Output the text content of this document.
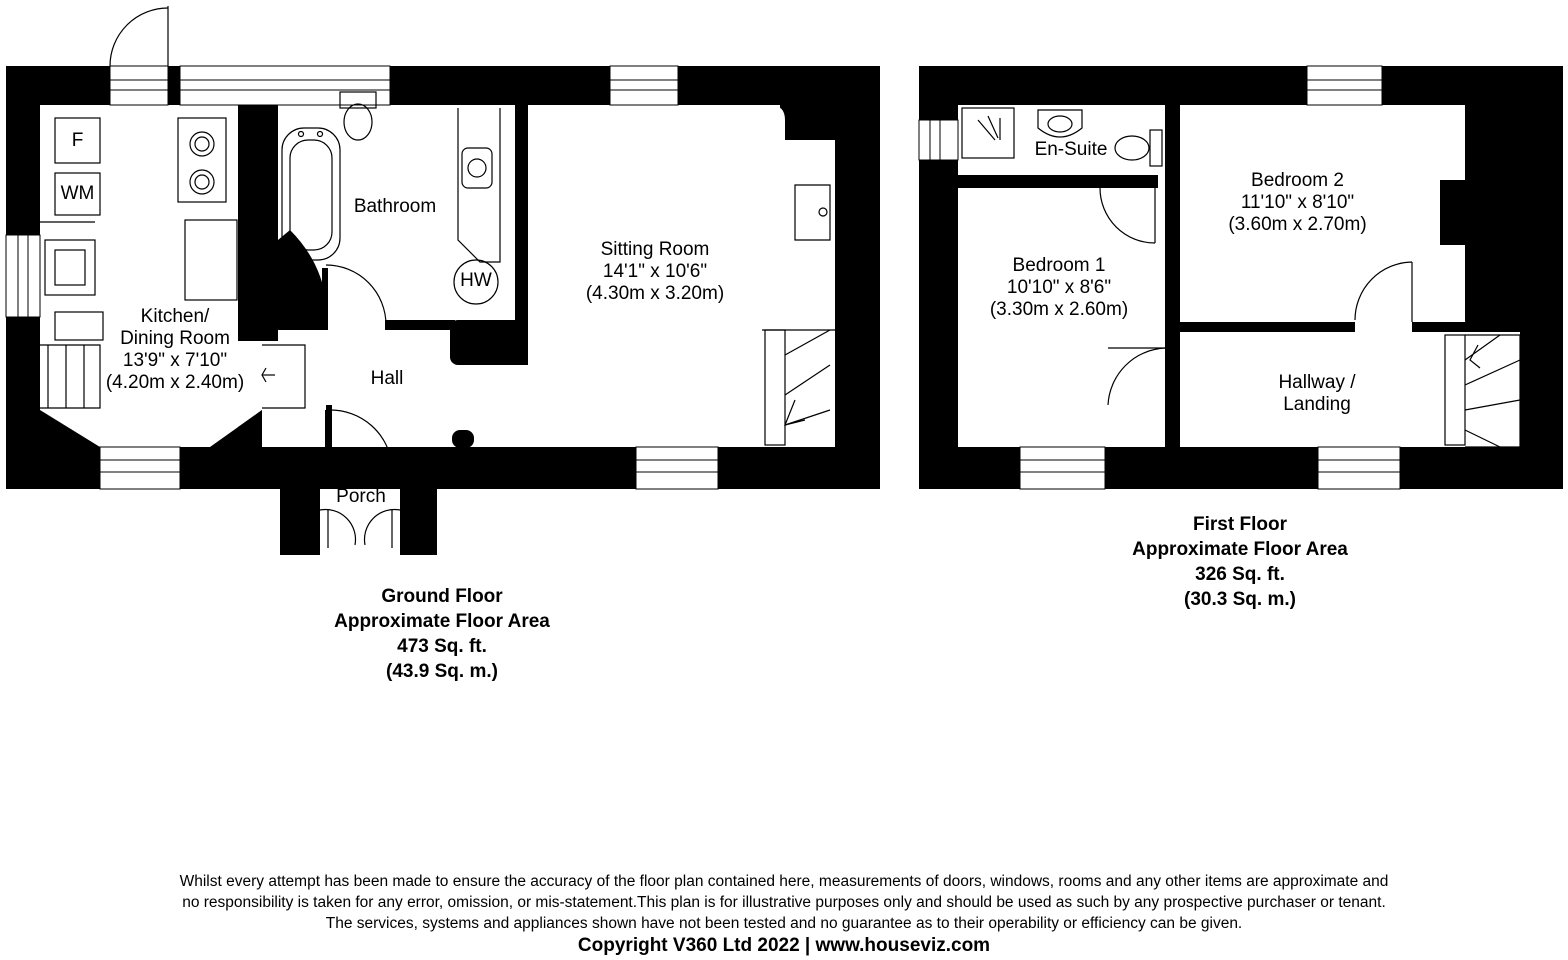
Kitchen/
Dining Room
13'9" x 7'10"
(4.20m x 2.40m)
F
WM
HW
Bathroom
Sitting Room
14'1" x 10'6"
(4.30m x 3.20m)
Hall
Porch
En-Suite
Bedroom 1
10'10" x 8'6"
(3.30m x 2.60m)
Bedroom 2
11'10" x 8'10"
(3.60m x 2.70m)
Hallway /
Landing
Ground Floor
Approximate Floor Area
473 Sq. ft.
(43.9 Sq. m.)
First Floor
Approximate Floor Area
326 Sq. ft.
(30.3 Sq. m.)
Whilst every attempt has been made to ensure the accuracy of the floor plan contained here, measurements of doors, windows, rooms and any other items are approximate and
no responsibility is taken for any error, omission, or mis-statement.This plan is for illustrative purposes only and should be used as such by any prospective purchaser or tenant.
The services, systems and appliances shown have not been tested and no guarantee as to their operability or efficiency can be given.
Copyright V360 Ltd 2022 | www.houseviz.com
